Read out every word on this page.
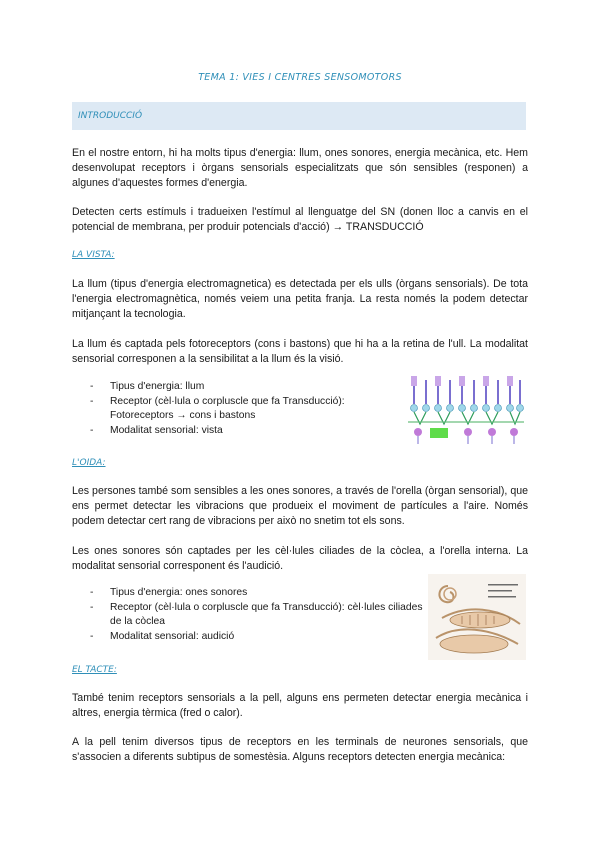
TEMA 1: VIES I CENTRES SENSOMOTORS
INTRODUCCIÓ

En el nostre entorn, hi ha molts tipus d'energia: llum, ones sonores, energia mecànica, etc. Hem desenvolupat receptors i òrgans sensorials especialitzats que són sensibles (responen) a algunes d'aquestes formes d'energia.

Detecten certs estímuls i tradueixen l'estímul al llenguatge del SN (donen lloc a canvis en el potencial de membrana, per produir potencials d'acció) → TRANSDUCCIÓ

LA VISTA:

La llum (tipus d'energia electromagnetica) es detectada per els ulls (òrgans sensorials). De tota l'energia electromagnètica, només veiem una petita franja. La resta només la podem detectar mitjançant la tecnologia.

La llum és captada pels fotoreceptors (cons i bastons) que hi ha a la retina de l'ull. La modalitat sensorial corresponen a la sensibilitat a la llum és la visió.

- Tipus d'energia: llum
- Receptor (cèl·lula o corpluscle que fa Transducció): Fotoreceptors → cons i bastons
- Modalitat sensorial: vista

L'OIDA:

Les persones també som sensibles a les ones sonores, a través de l'orella (òrgan sensorial), que ens permet detectar les vibracions que produeix el moviment de partícules a l'aire. Només podem detectar cert rang de vibracions per això no snetim tot els sons.

Les ones sonores són captades per les cèl·lules ciliades de la còclea, a l'orella interna. La modalitat sensorial corresponent és l'audició.

- Tipus d'energia: ones sonores
- Receptor (cèl·lula o corpluscle que fa Transducció): cèl·lules ciliades de la còclea
- Modalitat sensorial: audició

EL TACTE:

També tenim receptors sensorials a la pell, alguns ens permeten detectar energia mecànica i altres, energia tèrmica (fred o calor).

A la pell tenim diversos tipus de receptors en les terminals de neurones sensorials, que s'associen a diferents subtipus de somestèsia. Alguns receptors detecten energia mecànica:
